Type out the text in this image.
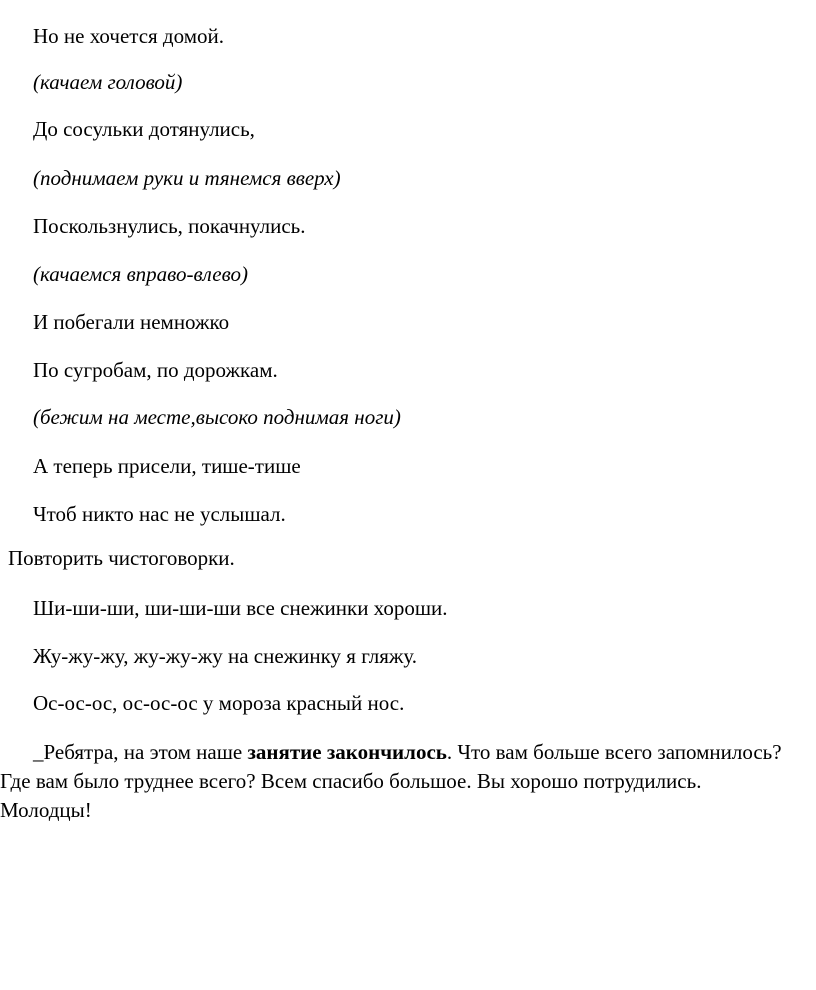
Но не хочется домой.
(качаем головой)
До сосульки дотянулись,
(поднимаем руки и тянемся вверх)
Поскользнулись, покачнулись.
(качаемся вправо-влево)
И побегали немножко
По сугробам, по дорожкам.
(бежим на месте,высоко поднимая ноги)
А теперь присели, тише-тише
Чтоб никто нас не услышал.
Повторить чистоговорки.
Ши-ши-ши, ши-ши-ши все снежинки хороши.
Жу-жу-жу, жу-жу-жу на снежинку я гляжу.
Ос-ос-ос, ос-ос-ос у мороза красный нос.
_Ребятра, на этом наше занятие закончилось. Что вам больше всего запомнилось? Где вам было труднее всего? Всем спасибо большое. Вы хорошо потрудились. Молодцы!
